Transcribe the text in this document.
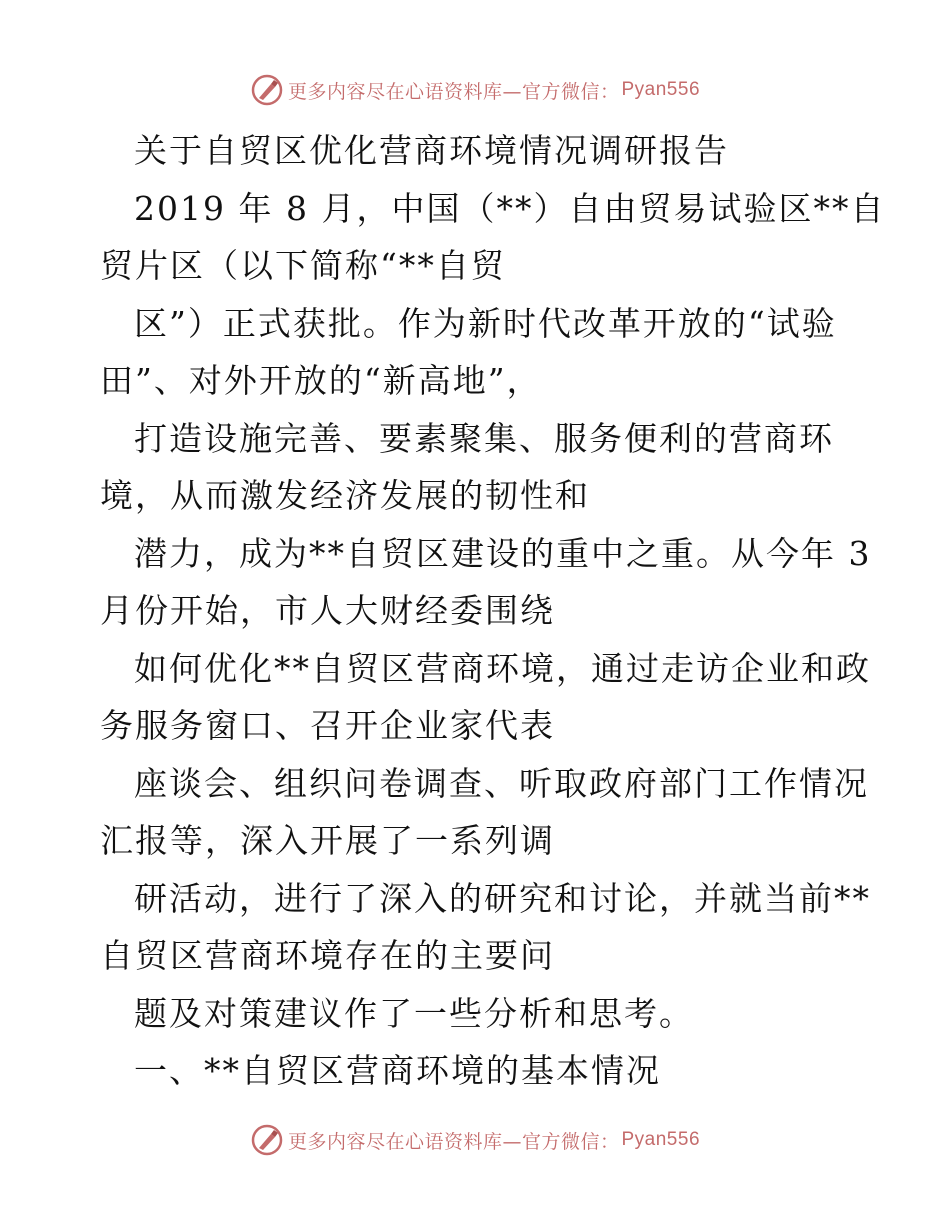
更多内容尽在心语资料库—官方微信： Pyan556
关于自贸区优化营商环境情况调研报告
2019 年 8 月，中国（**）自由贸易试验区**自
贸片区（以下简称“**自贸
区”）正式获批。作为新时代改革开放的“试验
田”、对外开放的“新高地”，
打造设施完善、要素聚集、服务便利的营商环
境，从而激发经济发展的韧性和
潜力，成为**自贸区建设的重中之重。从今年 3
月份开始，市人大财经委围绕
如何优化**自贸区营商环境，通过走访企业和政
务服务窗口、召开企业家代表
座谈会、组织问卷调查、听取政府部门工作情况
汇报等，深入开展了一系列调
研活动，进行了深入的研究和讨论，并就当前**
自贸区营商环境存在的主要问
题及对策建议作了一些分析和思考。
一、**自贸区营商环境的基本情况
更多内容尽在心语资料库—官方微信： Pyan556
